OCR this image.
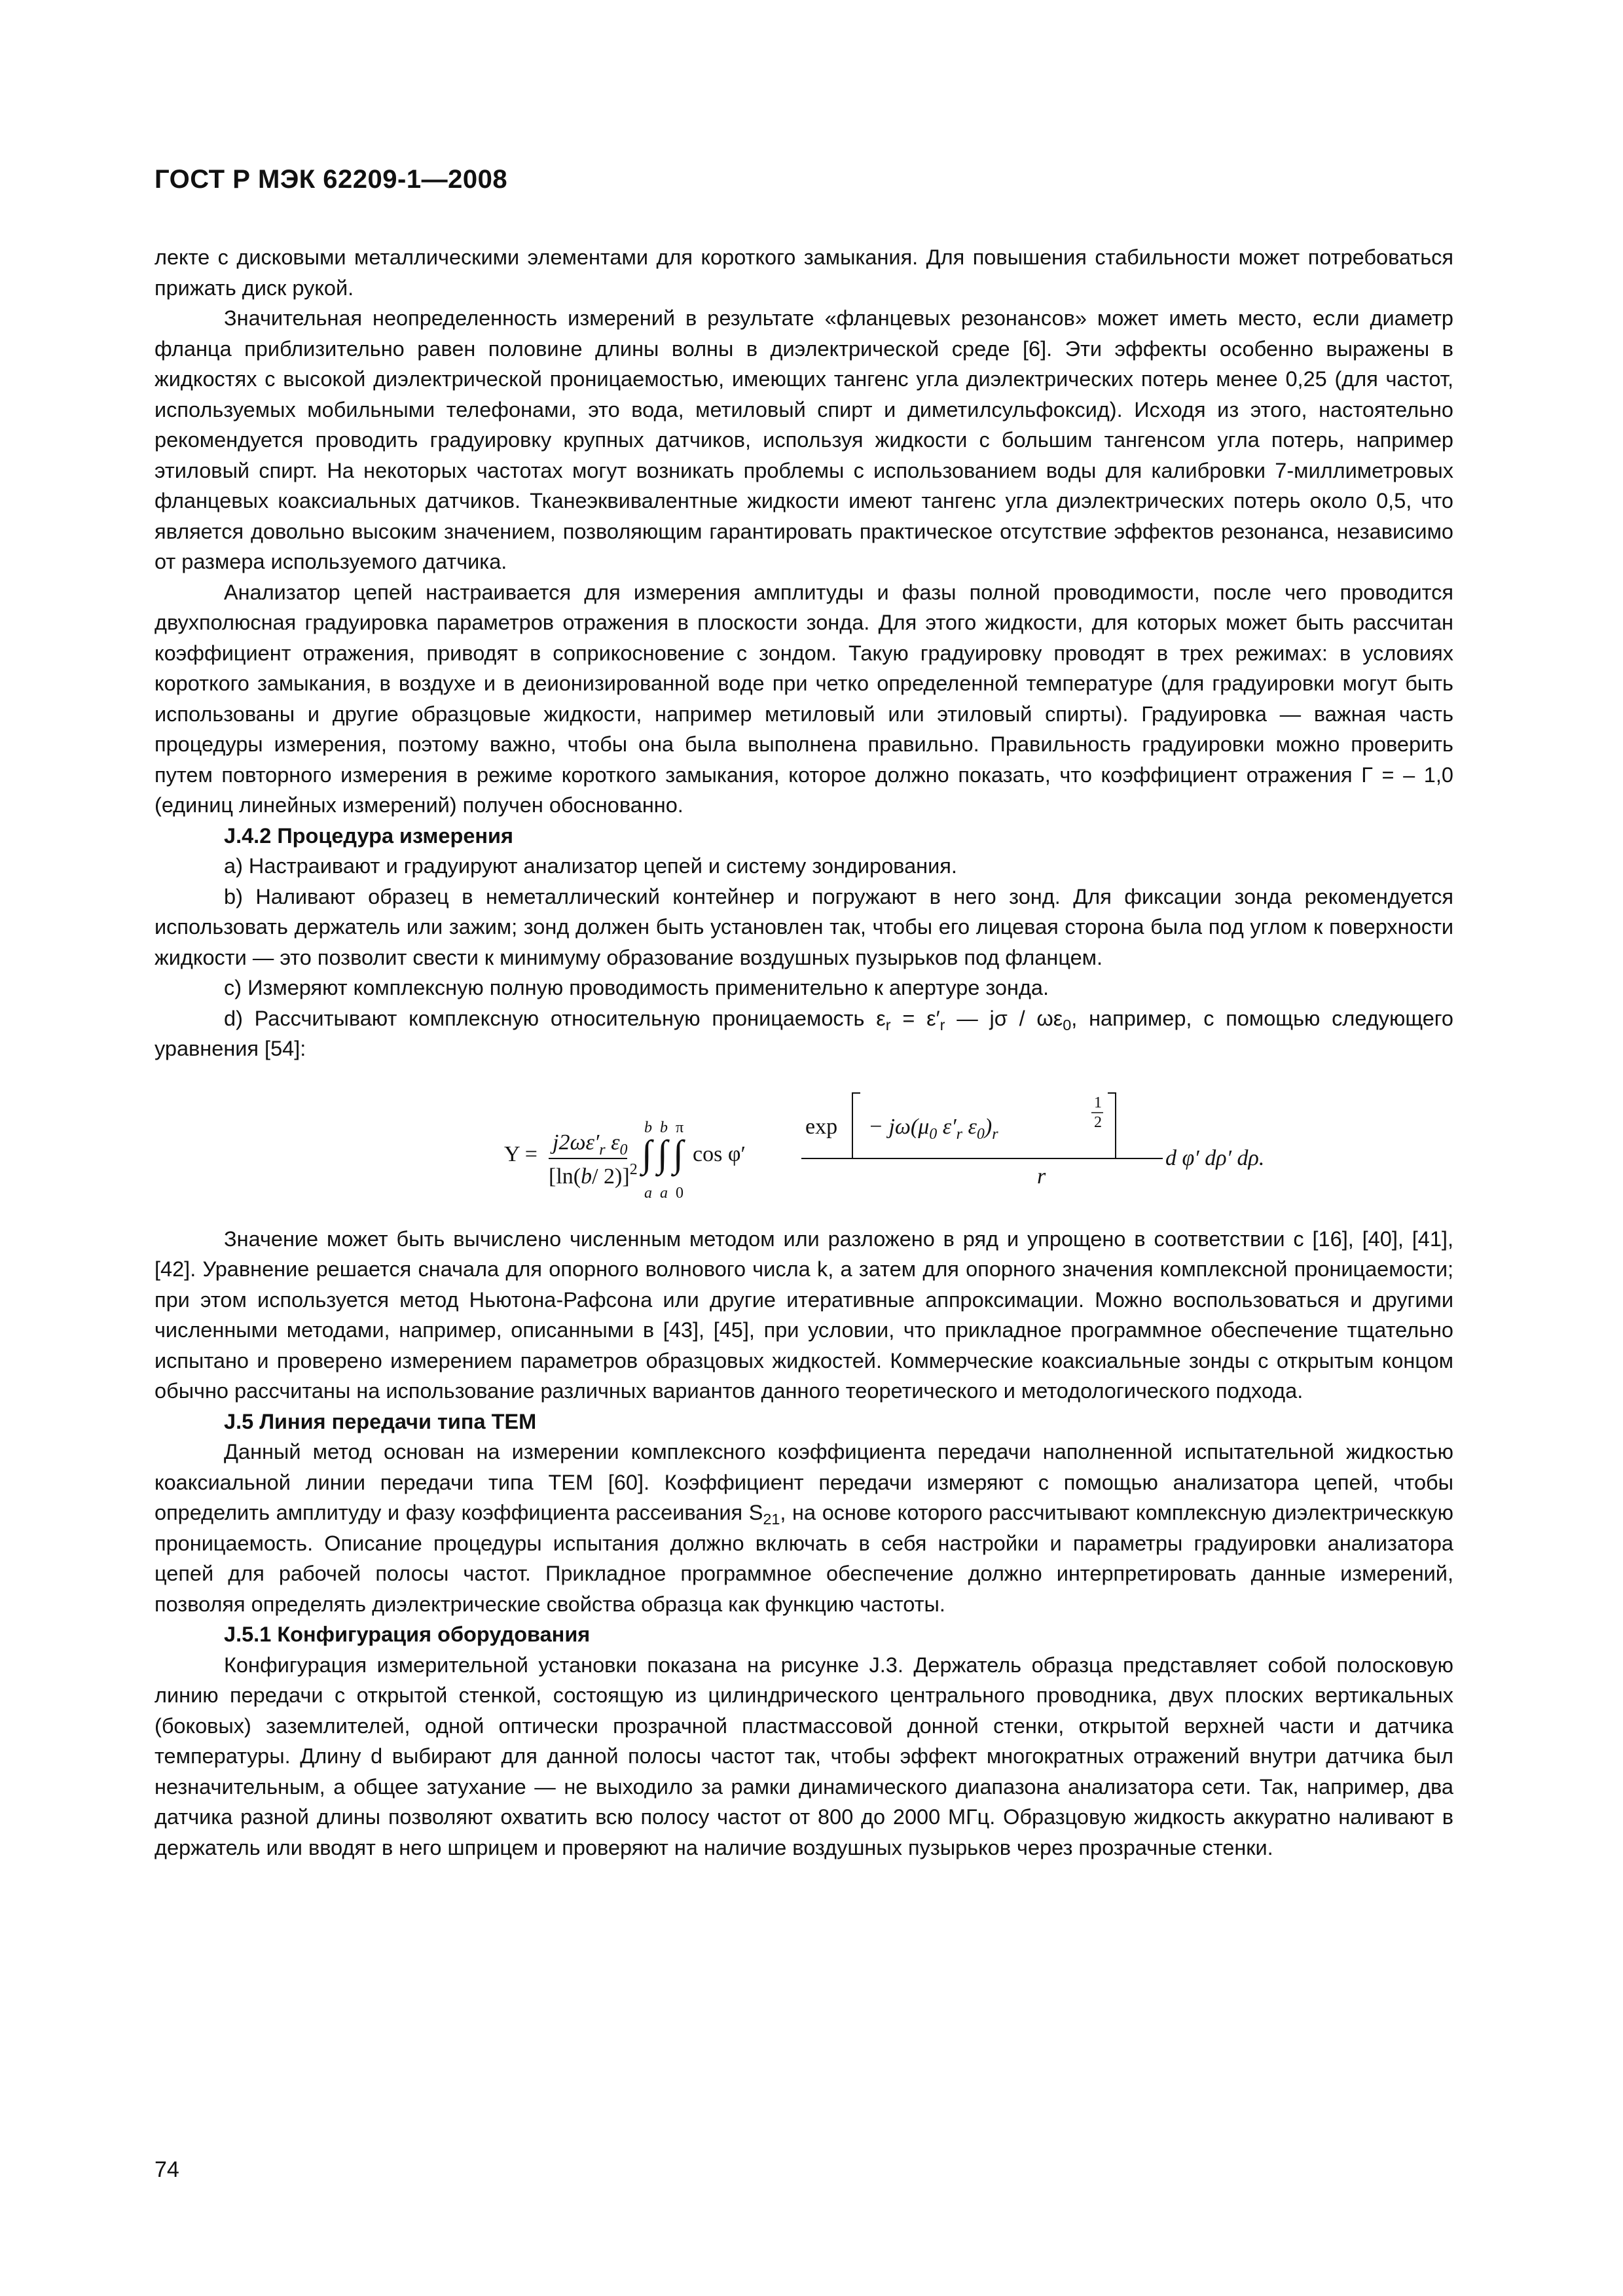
ГОСТ Р МЭК 62209-1—2008

лекте с дисковыми металлическими элементами для короткого замыкания. Для повышения стабильности может потребоваться прижать диск рукой.

Значительная неопределенность измерений в результате «фланцевых резонансов» может иметь место, если диаметр фланца приблизительно равен половине длины волны в диэлектрической среде [6]. Эти эффекты особенно выражены в жидкостях с высокой диэлектрической проницаемостью, имеющих тангенс угла диэлектрических потерь менее 0,25 (для частот, используемых мобильными телефонами, это вода, метиловый спирт и диметилсульфоксид). Исходя из этого, настоятельно рекомендуется проводить градуировку крупных датчиков, используя жидкости с большим тангенсом угла потерь, например этиловый спирт. На некоторых частотах могут возникать проблемы с использованием воды для калибровки 7-миллиметровых фланцевых коаксиальных датчиков. Тканеэквивалентные жидкости имеют тангенс угла диэлектрических потерь около 0,5, что является довольно высоким значением, позволяющим гарантировать практическое отсутствие эффектов резонанса, независимо от размера используемого датчика.

Анализатор цепей настраивается для измерения амплитуды и фазы полной проводимости, после чего проводится двухполюсная градуировка параметров отражения в плоскости зонда. Для этого жидкости, для которых может быть рассчитан коэффициент отражения, приводят в соприкосновение с зондом. Такую градуировку проводят в трех режимах: в условиях короткого замыкания, в воздухе и в деионизированной воде при четко определенной температуре (для градуировки могут быть использованы и другие образцовые жидкости, например метиловый или этиловый спирты). Градуировка — важная часть процедуры измерения, поэтому важно, чтобы она была выполнена правильно. Правильность градуировки можно проверить путем повторного измерения в режиме короткого замыкания, которое должно показать, что коэффициент отражения Г = – 1,0 (единиц линейных измерений) получен обоснованно.

J.4.2 Процедура измерения

a) Настраивают и градуируют анализатор цепей и систему зондирования.

b) Наливают образец в неметаллический контейнер и погружают в него зонд. Для фиксации зонда рекомендуется использовать держатель или зажим; зонд должен быть установлен так, чтобы его лицевая сторона была под углом к поверхности жидкости — это позволит свести к минимуму образование воздушных пузырьков под фланцем.

c) Измеряют комплексную полную проводимость применительно к апертуре зонда.

d) Рассчитывают комплексную относительную проницаемость $\varepsilon_r = \varepsilon'_r$ — jσ / $\omega\varepsilon_0$, например, с помощью следующего уравнения [54]:

$Y = j2\omega\varepsilon'_r$ $\varepsilon_0$
[ln(b/ 2)]$^2$
b
∫
a
b
∫
a
π
∫
0
cos φ′
$\exp - j\omega(\mu_0$ $\varepsilon'_r$ $\varepsilon_0)_r$
1
2
r
d φ′ dρ′ dρ.

Значение может быть вычислено численным методом или разложено в ряд и упрощено в соответствии с [16], [40], [41], [42]. Уравнение решается сначала для опорного волнового числа k, а затем для опорного значения комплексной проницаемости; при этом используется метод Ньютона-Рафсона или другие итеративные аппроксимации. Можно воспользоваться и другими численными методами, например, описанными в [43], [45], при условии, что прикладное программное обеспечение тщательно испытано и проверено измерением параметров образцовых жидкостей. Коммерческие коаксиальные зонды с открытым концом обычно рассчитаны на использование различных вариантов данного теоретического и методологического подхода.

J.5 Линия передачи типа ТЕМ

Данный метод основан на измерении комплексного коэффициента передачи наполненной испытательной жидкостью коаксиальной линии передачи типа ТЕМ [60]. Коэффициент передачи измеряют с помощью анализатора цепей, чтобы определить амплитуду и фазу коэффициента рассеивания $S_{21}$, на основе которого рассчитывают комплексную диэлектрическкую проницаемость. Описание процедуры испытания должно включать в себя настройки и параметры градуировки анализатора цепей для рабочей полосы частот. Прикладное программное обеспечение должно интерпретировать данные измерений, позволяя определять диэлектрические свойства образца как функцию частоты.

J.5.1 Конфигурация оборудования

Конфигурация измерительной установки показана на рисунке J.3. Держатель образца представляет собой полосковую линию передачи с открытой стенкой, состоящую из цилиндрического центрального проводника, двух плоских вертикальных (боковых) заземлителей, одной оптически прозрачной пластмассовой донной стенки, открытой верхней части и датчика температуры. Длину d выбирают для данной полосы частот так, чтобы эффект многократных отражений внутри датчика был незначительным, а общее затухание — не выходило за рамки динамического диапазона анализатора сети. Так, например, два датчика разной длины позволяют охватить всю полосу частот от 800 до 2000 МГц. Образцовую жидкость аккуратно наливают в держатель или вводят в него шприцем и проверяют на наличие воздушных пузырьков через прозрачные стенки.

74
